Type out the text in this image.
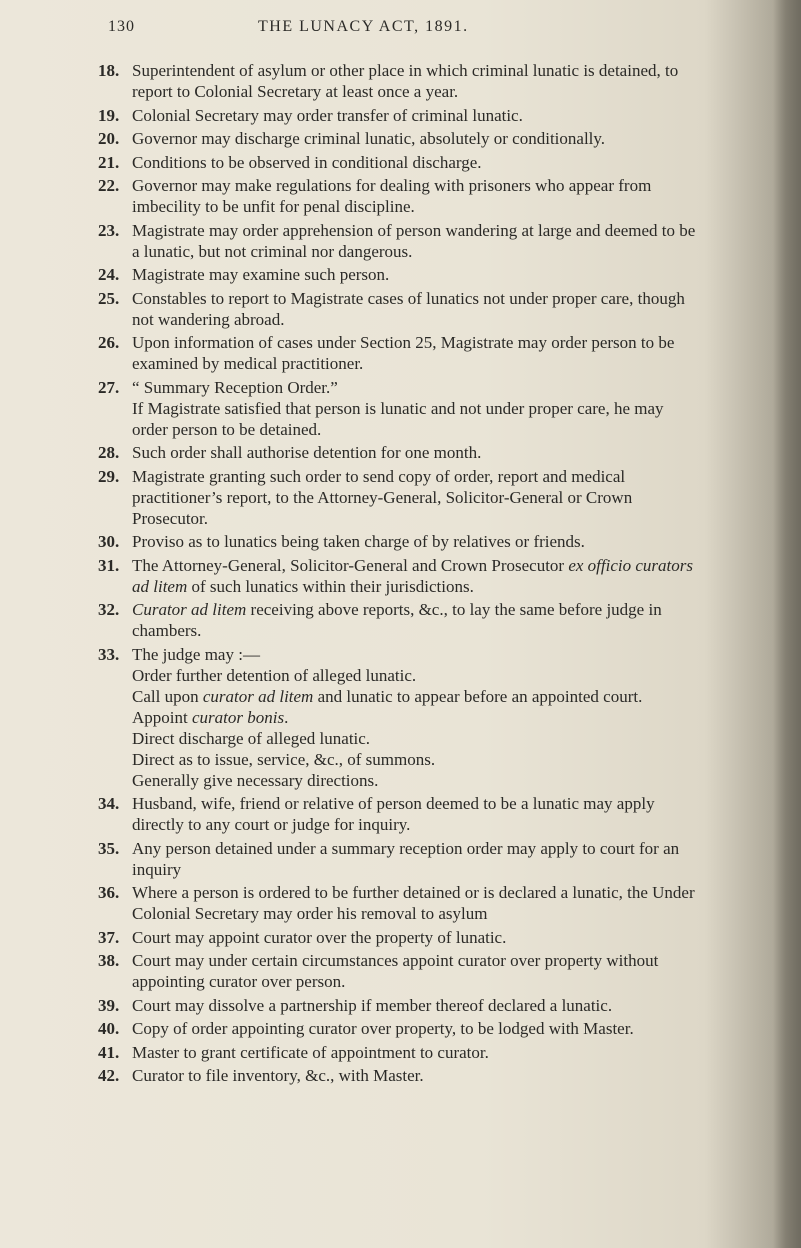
130	THE LUNACY ACT, 1891.
18. Superintendent of asylum or other place in which criminal lunatic is detained, to report to Colonial Secretary at least once a year.
19. Colonial Secretary may order transfer of criminal lunatic.
20. Governor may discharge criminal lunatic, absolutely or conditionally.
21. Conditions to be observed in conditional discharge.
22. Governor may make regulations for dealing with prisoners who appear from imbecility to be unfit for penal discipline.
23. Magistrate may order apprehension of person wandering at large and deemed to be a lunatic, but not criminal nor dangerous.
24. Magistrate may examine such person.
25. Constables to report to Magistrate cases of lunatics not under proper care, though not wandering abroad.
26. Upon information of cases under Section 25, Magistrate may order person to be examined by medical practitioner.
27. “ Summary Reception Order.”
If Magistrate satisfied that person is lunatic and not under proper care, he may order person to be detained.
28. Such order shall authorise detention for one month.
29. Magistrate granting such order to send copy of order, report and medical practitioner’s report, to the Attorney-General, Solicitor-General or Crown Prosecutor.
30. Proviso as to lunatics being taken charge of by relatives or friends.
31. The Attorney-General, Solicitor-General and Crown Prosecutor ex officio curators ad litem of such lunatics within their jurisdictions.
32. Curator ad litem receiving above reports, &c., to lay the same before judge in chambers.
33. The judge may :—
Order further detention of alleged lunatic.
Call upon curator ad litem and lunatic to appear before an appointed court.
Appoint curator bonis.
Direct discharge of alleged lunatic.
Direct as to issue, service, &c., of summons.
Generally give necessary directions.
34. Husband, wife, friend or relative of person deemed to be a lunatic may apply directly to any court or judge for inquiry.
35. Any person detained under a summary reception order may apply to court for an inquiry
36. Where a person is ordered to be further detained or is declared a lunatic, the Under Colonial Secretary may order his removal to asylum
37. Court may appoint curator over the property of lunatic.
38. Court may under certain circumstances appoint curator over property without appointing curator over person.
39. Court may dissolve a partnership if member thereof declared a lunatic.
40. Copy of order appointing curator over property, to be lodged with Master.
41. Master to grant certificate of appointment to curator.
42. Curator to file inventory, &c., with Master.
